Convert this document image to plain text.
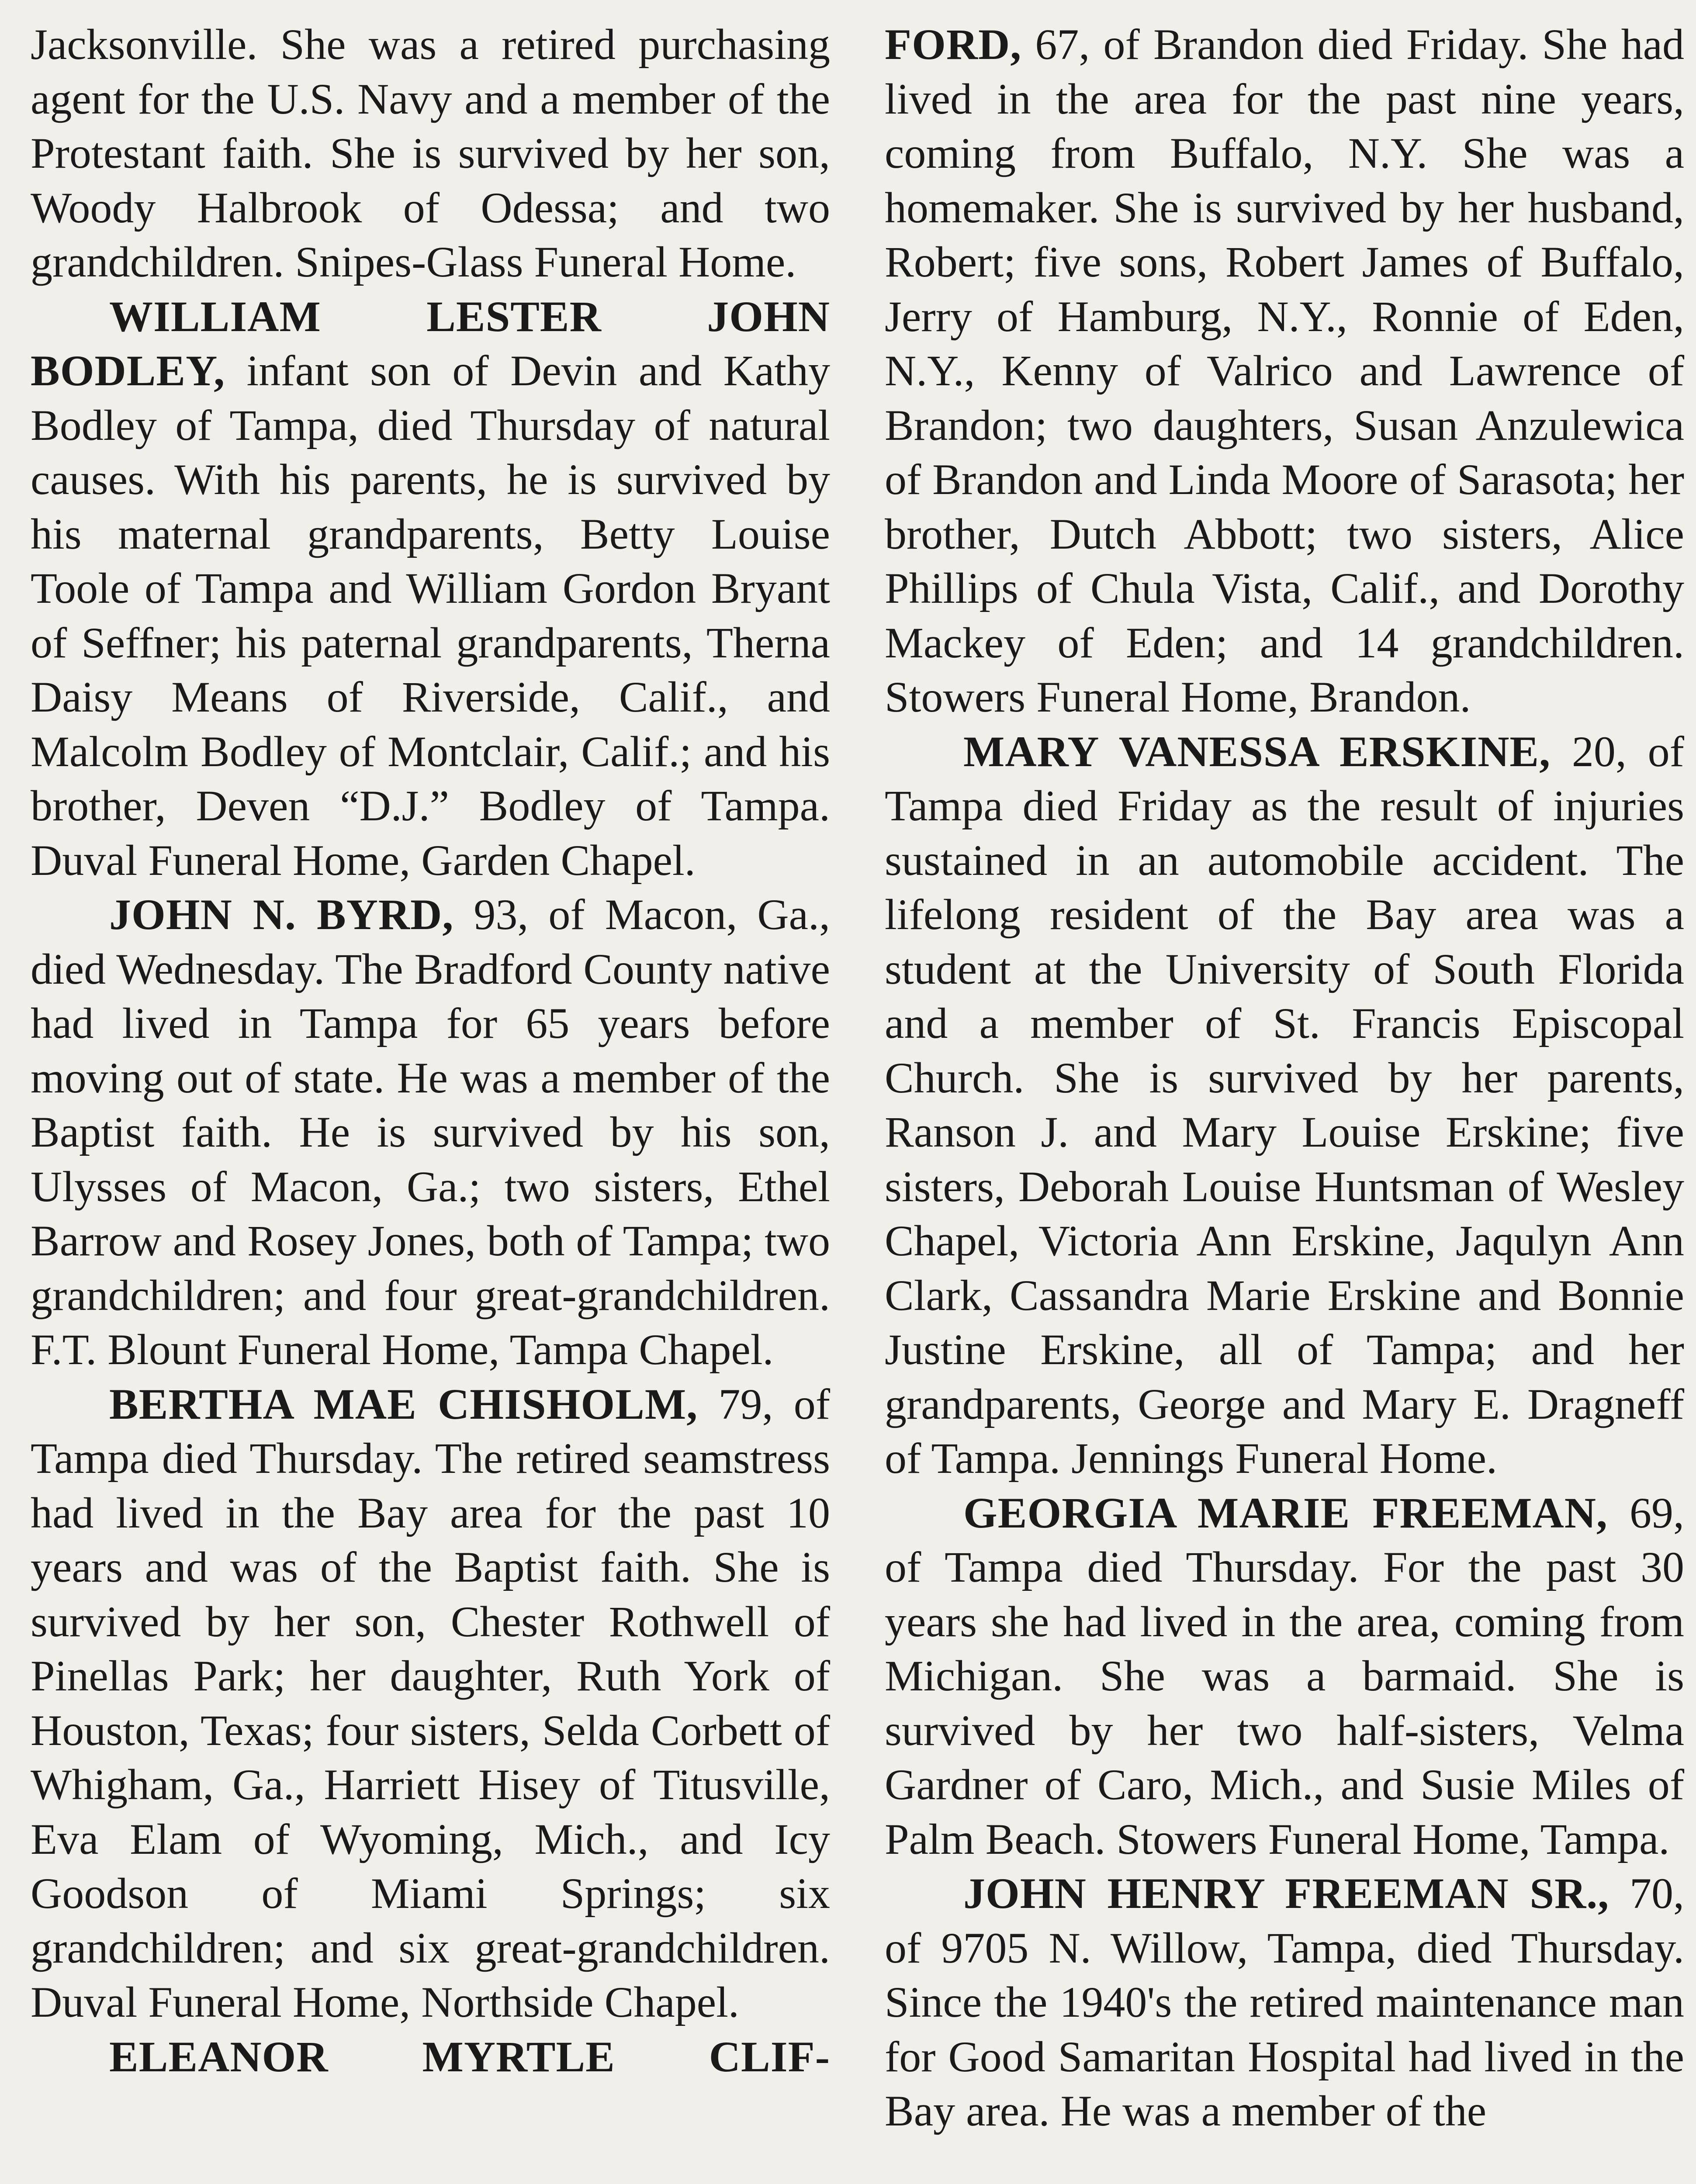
Jacksonville. She was a retired purchasing agent for the U.S. Navy and a member of the Protestant faith. She is survived by her son, Woody Halbrook of Odessa; and two grandchildren. Snipes-Glass Funeral Home.

WILLIAM LESTER JOHN BODLEY, infant son of Devin and Kathy Bodley of Tampa, died Thursday of natural causes. With his parents, he is survived by his maternal grandparents, Betty Louise Toole of Tampa and William Gordon Bryant of Seffner; his paternal grandparents, Therna Daisy Means of Riverside, Calif., and Malcolm Bodley of Montclair, Calif.; and his brother, Deven “D.J.” Bodley of Tampa. Duval Funeral Home, Garden Chapel.

JOHN N. BYRD, 93, of Macon, Ga., died Wednesday. The Bradford County native had lived in Tampa for 65 years before moving out of state. He was a member of the Baptist faith. He is survived by his son, Ulysses of Macon, Ga.; two sisters, Ethel Barrow and Rosey Jones, both of Tampa; two grandchildren; and four great-grandchildren. F.T. Blount Funeral Home, Tampa Chapel.

BERTHA MAE CHISHOLM, 79, of Tampa died Thursday. The retired seamstress had lived in the Bay area for the past 10 years and was of the Baptist faith. She is survived by her son, Chester Rothwell of Pinellas Park; her daughter, Ruth York of Houston, Texas; four sisters, Selda Corbett of Whigham, Ga., Harriett Hisey of Titusville, Eva Elam of Wyoming, Mich., and Icy Goodson of Miami Springs; six grandchildren; and six great-grandchildren. Duval Funeral Home, Northside Chapel.

ELEANOR MYRTLE CLIF-

FORD, 67, of Brandon died Friday. She had lived in the area for the past nine years, coming from Buffalo, N.Y. She was a homemaker. She is survived by her husband, Robert; five sons, Robert James of Buffalo, Jerry of Hamburg, N.Y., Ronnie of Eden, N.Y., Kenny of Valrico and Lawrence of Brandon; two daughters, Susan Anzulewica of Brandon and Linda Moore of Sarasota; her brother, Dutch Abbott; two sisters, Alice Phillips of Chula Vista, Calif., and Dorothy Mackey of Eden; and 14 grandchildren. Stowers Funeral Home, Brandon.

MARY VANESSA ERSKINE, 20, of Tampa died Friday as the result of injuries sustained in an automobile accident. The lifelong resident of the Bay area was a student at the University of South Florida and a member of St. Francis Episcopal Church. She is survived by her parents, Ranson J. and Mary Louise Erskine; five sisters, Deborah Louise Huntsman of Wesley Chapel, Victoria Ann Erskine, Jaqulyn Ann Clark, Cassandra Marie Erskine and Bonnie Justine Erskine, all of Tampa; and her grandparents, George and Mary E. Dragneff of Tampa. Jennings Funeral Home.

GEORGIA MARIE FREEMAN, 69, of Tampa died Thursday. For the past 30 years she had lived in the area, coming from Michigan. She was a barmaid. She is survived by her two half-sisters, Velma Gardner of Caro, Mich., and Susie Miles of Palm Beach. Stowers Funeral Home, Tampa.

JOHN HENRY FREEMAN SR., 70, of 9705 N. Willow, Tampa, died Thursday. Since the 1940's the retired maintenance man for Good Samaritan Hospital had lived in the Bay area. He was a member of the
